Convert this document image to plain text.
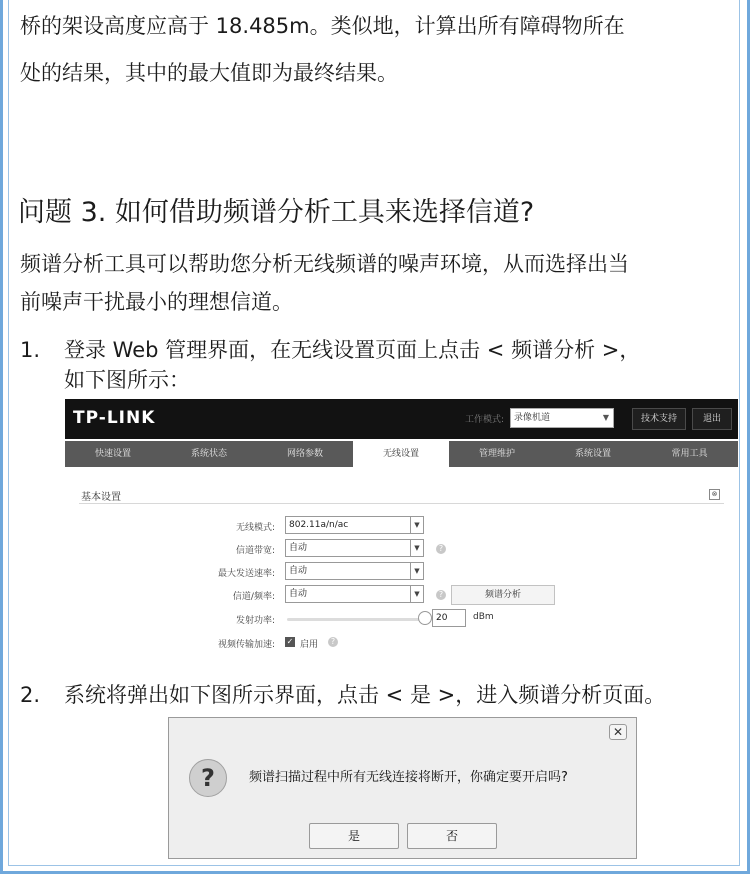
桥的架设高度应高于 18.485m。类似地，计算出所有障碍物所在
处的结果，其中的最大值即为最终结果。
问题 3. 如何借助频谱分析工具来选择信道?
频谱分析工具可以帮助您分析无线频谱的噪声环境，从而选择出当
前噪声干扰最小的理想信道。
1.	登录 Web 管理界面，在无线设置页面上点击 < 频谱分析 >，
如下图所示：
TP-LINK	工作模式:	录像机道	▼	技术支持	退出
快速设置	系统状态	网络参数	无线设置	管理维护	系统设置	常用工具
基本设置	⊗
无线模式:	802.11a/n/ac	▼
信道带宽:	自动	▼	?
最大发送速率:	自动	▼
信道/频率:	自动	▼	?	频谱分析
发射功率:	20	dBm
视频传输加速: ✓ 启用	?
2.	系统将弹出如下图所示界面，点击 < 是 >，进入频谱分析页面。
✕
?	频谱扫描过程中所有无线连接将断开，你确定要开启吗?
是	否
